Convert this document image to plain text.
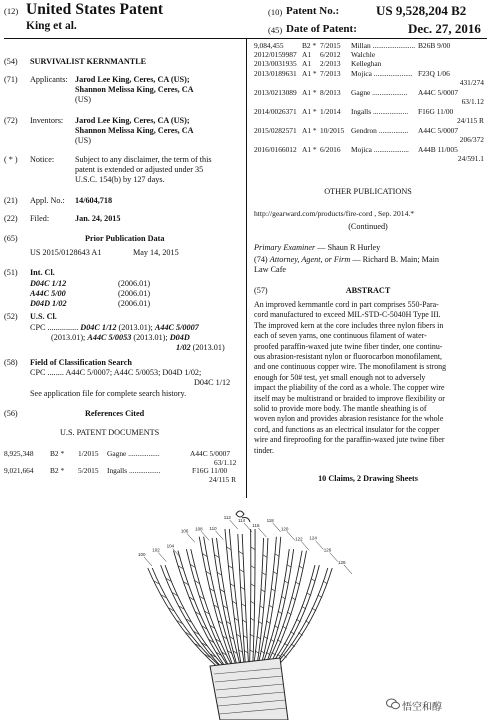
(12) United States Patent
King et al.
(10) Patent No.:	US 9,528,204 B2
(45) Date of Patent:	Dec. 27, 2016
(54) SURVIVALIST KERNMANTLE
(71) Applicants: Jarod Lee King, Ceres, CA (US);
Shannon Melissa King, Ceres, CA
(US)
(72) Inventors: Jarod Lee King, Ceres, CA (US);
Shannon Melissa King, Ceres, CA
(US)
( * ) Notice:	Subject to any disclaimer, the term of this
patent is extended or adjusted under 35
U.S.C. 154(b) by 127 days.
(21) Appl. No.: 14/604,718
(22) Filed:	Jan. 24, 2015
(65)	Prior Publication Data
US 2015/0128643 A1	May 14, 2015
(51) Int. Cl.
D04C 1/12	(2006.01)
A44C 5/00	(2006.01)
D04D 1/02	(2006.01)
(52) U.S. Cl.
CPC ............... D04C 1/12 (2013.01); A44C 5/0007
(2013.01); A44C 5/0053 (2013.01); D04D
1/02 (2013.01)
(58) Field of Classification Search
CPC ........ A44C 5/0007; A44C 5/0053; D04D 1/02;
D04C 1/12
See application file for complete search history.
(56)	References Cited
U.S. PATENT DOCUMENTS
8,925,348 B2 * 1/2015 Gagne .................	A44C 5/0007
63/1.12
9,021,664 B2 * 5/2015 Ingalls .................	F16G 11/00
24/115 R
9,084,455 B2 * 7/2015 Millan ....................... B26B 9/00
2012/0159987 A1 6/2012 Walchle
2013/0031935 A1 2/2013 Kelleghan
2013/0189631 A1 * 7/2013 Mojica ..................... F23Q 1/06
431/274
2013/0213089 A1 * 8/2013 Gagne ................... A44C 5/0007
63/1.12
2014/0026371 A1 * 1/2014 Ingalls ................... F16G 11/00
24/115 R
2015/0282571 A1 * 10/2015 Gendron ................ A44C 5/0007
206/372
2016/0166012 A1 * 6/2016 Mojica ................... A44B 11/005
24/591.1
OTHER PUBLICATIONS
http://gearward.com/products/fire-cord , Sep. 2014.*
(Continued)
Primary Examiner — Shaun R Hurley
(74) Attorney, Agent, or Firm — Richard B. Main; Main
Law Cafe
(57)	ABSTRACT
An improved kernmantle cord in part comprises 550-Para-
cord manufactured to exceed MIL-STD-C-5040H Type III.
The improved kern at the core includes three nylon fibers in
each of seven yarns, one continuous filament of water-
proofed paraffin-waxed jute twine fiber tinder, one continu-
ous abrasion-resistant nylon or fluorocarbon monofilament,
and one continuous copper wire. The monofilament is strong
enough for 50# test, yet small enough not to adversely
impact the pliability of the cord as a whole. The copper wire
itself may be multistrand or braided to improve flexibility or
solid to provide more body. The mantle sheathing is of
woven nylon and provides abrasion resistance for the whole
cord, and functions as an electrical insulator for the copper
wire and fireproofing for the paraffin-waxed jute twine fiber
tinder.
10 Claims, 2 Drawing Sheets
100
102
104
106 108 110
112
114
116
118
120
122 124
126
128
悟空和醇
